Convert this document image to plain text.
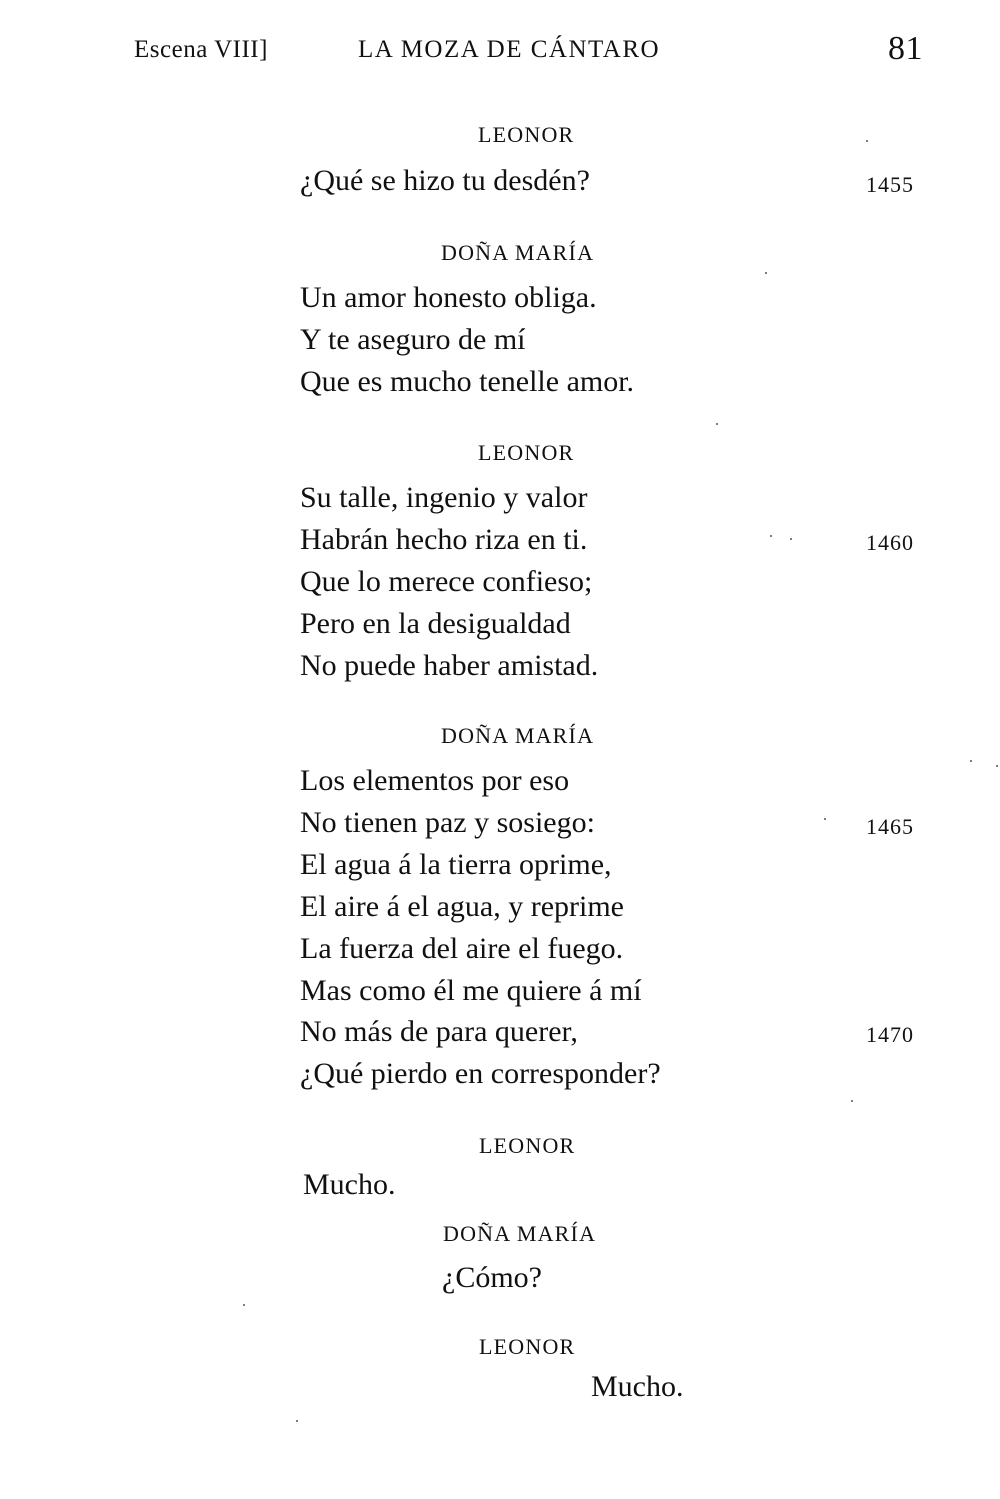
Escena VIII]	LA MOZA DE CÁNTARO	81
LEONOR
¿Qué se hizo tu desdén?	1455
DOÑA MARÍA
Un amor honesto obliga.
Y te aseguro de mí
Que es mucho tenelle amor.
LEONOR
Su talle, ingenio y valor
Habrán hecho riza en ti.	1460
Que lo merece confieso;
Pero en la desigualdad
No puede haber amistad.
DOÑA MARÍA
Los elementos por eso
No tienen paz y sosiego:	1465
El agua á la tierra oprime,
El aire á el agua, y reprime
La fuerza del aire el fuego.
Mas como él me quiere á mí
No más de para querer,	1470
¿Qué pierdo en corresponder?
LEONOR
Mucho.
DOÑA MARÍA
¿Cómo?
LEONOR
Mucho.
